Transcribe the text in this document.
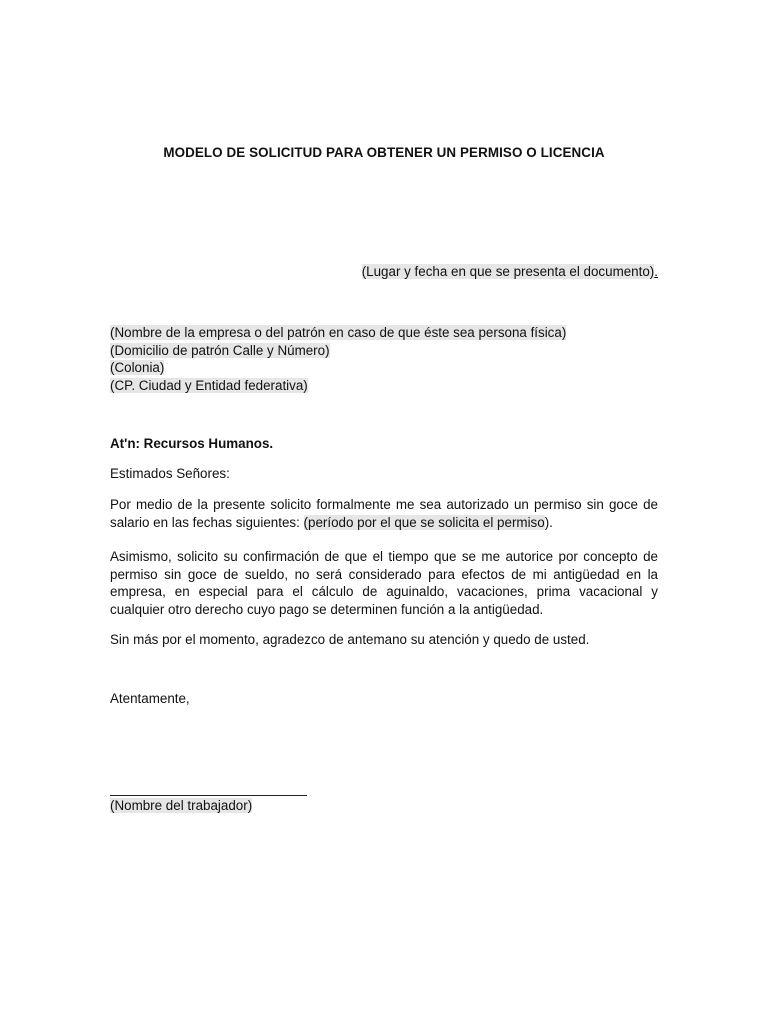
MODELO DE SOLICITUD PARA OBTENER UN PERMISO O LICENCIA
(Lugar y fecha en que se presenta el documento).
(Nombre de la empresa o del patrón en caso de que éste sea persona física)
(Domicilio de patrón Calle y Número)
(Colonia)
(CP. Ciudad y Entidad federativa)
At'n: Recursos Humanos.
Estimados Señores:
Por medio de la presente solicito formalmente me sea autorizado un permiso sin goce de salario en las fechas siguientes: (período por el que se solicita el permiso).
Asimismo, solicito su confirmación de que el tiempo que se me autorice por concepto de permiso sin goce de sueldo, no será considerado para efectos de mi antigüedad en la empresa, en especial para el cálculo de aguinaldo, vacaciones, prima vacacional y cualquier otro derecho cuyo pago se determinen función a la antigüedad.
Sin más por el momento, agradezco de antemano su atención y quedo de usted.
Atentamente,
(Nombre del trabajador)
